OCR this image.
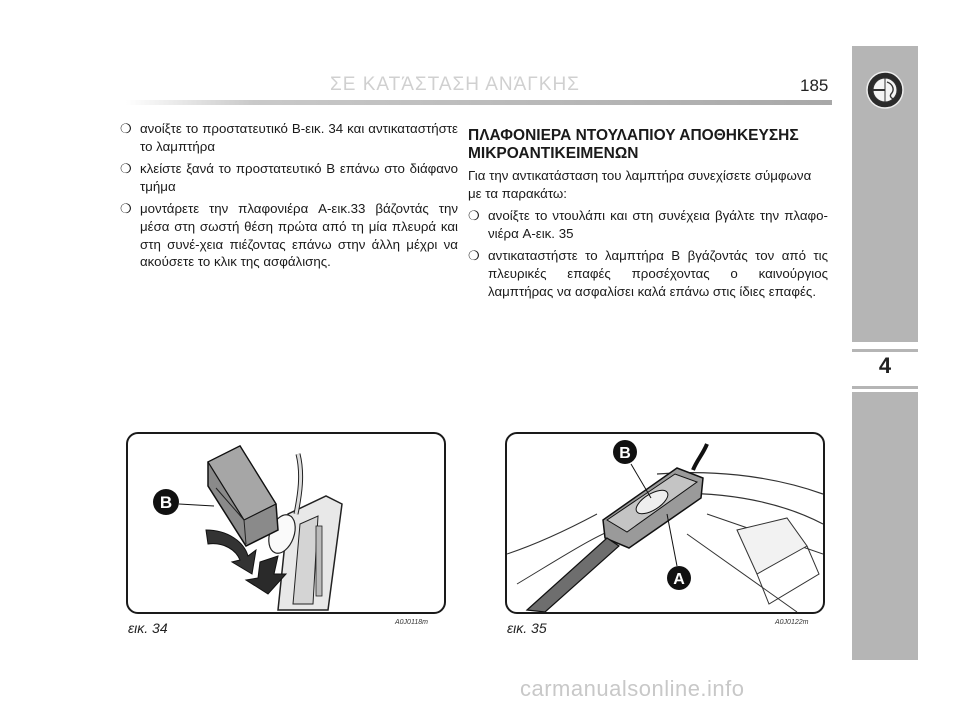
ΣΕ ΚΑΤΆΣΤΑΣΗ ΑΝΆΓΚΗΣ	185

❍ ανοίξτε το προστατευτικό B-εικ. 34 και αντικαταστήστε το λαμπτήρα

❍ κλείστε ξανά το προστατευτικό B επάνω στο διάφανο τμήμα

❍ μοντάρετε την πλαφονιέρα A-εικ.33 βάζοντάς την μέσα στη σωστή θέση πρώτα από τη μία πλευρά και στη συνέ-χεια πιέζοντας επάνω στην άλλη μέχρι να ακούσετε το κλικ της ασφάλισης.

ΠΛΑΦΟΝΙΕΡΑ ΝΤΟΥΛΑΠΙΟΥ ΑΠΟΘΗΚΕΥΣΗΣ ΜΙΚΡΟΑΝΤΙΚΕΙΜΕΝΩΝ

Για την αντικατάσταση του λαμπτήρα συνεχίσετε σύμφωνα με τα παρακάτω:

❍ ανοίξτε το ντουλάπι και στη συνέχεια βγάλτε την πλαφο-νιέρα A-εικ. 35

❍ αντικαταστήστε το λαμπτήρα B βγάζοντάς τον από τις πλευρικές επαφές προσέχοντας ο καινούργιος λαμπτήρας να ασφαλίσει καλά επάνω στις ίδιες επαφές.

B
εικ. 34	A0J0118m
B
A
εικ. 35	A0J0122m
4
carmanualsonline.info
